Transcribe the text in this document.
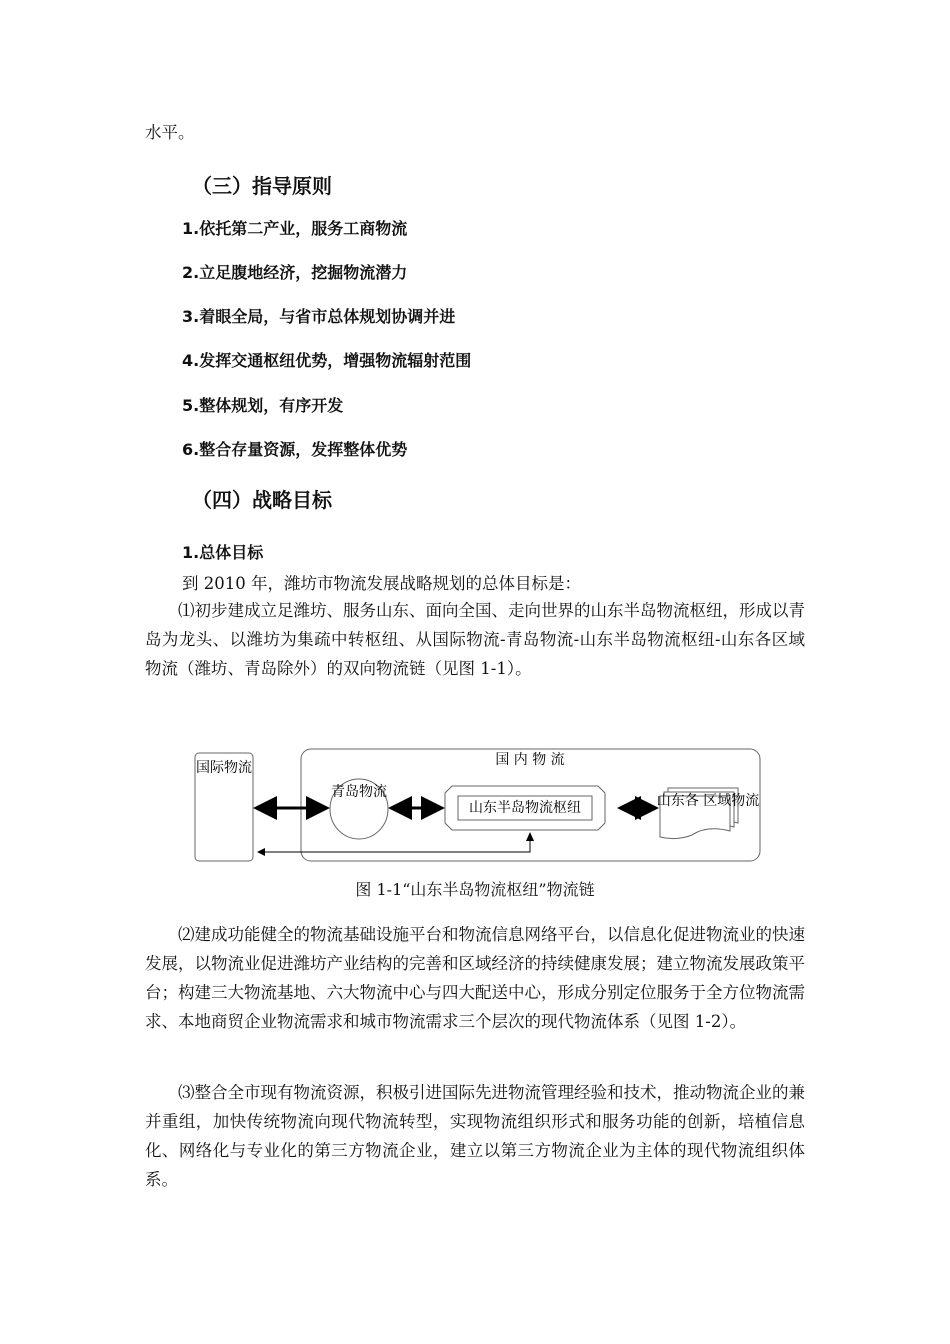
水平。

（三）指导原则

1.依托第二产业，服务工商物流

2.立足腹地经济，挖掘物流潜力

3.着眼全局，与省市总体规划协调并进

4.发挥交通枢纽优势，增强物流辐射范围

5.整体规划，有序开发

6.整合存量资源，发挥整体优势

（四）战略目标

1.总体目标

到 2010 年，潍坊市物流发展战略规划的总体目标是：

⑴初步建成立足潍坊、服务山东、面向全国、走向世界的山东半岛物流枢纽，形成以青岛为龙头、以潍坊为集疏中转枢纽、从国际物流-青岛物流-山东半岛物流枢纽-山东各区域物流（潍坊、青岛除外）的双向物流链（见图 1-1）。

国际物流	国 内 物 流
青岛物流
山东半岛物流枢纽	山东各 区域物流

图 1-1“山东半岛物流枢纽”物流链

⑵建成功能健全的物流基础设施平台和物流信息网络平台，以信息化促进物流业的快速发展，以物流业促进潍坊产业结构的完善和区域经济的持续健康发展；建立物流发展政策平台；构建三大物流基地、六大物流中心与四大配送中心，形成分别定位服务于全方位物流需求、本地商贸企业物流需求和城市物流需求三个层次的现代物流体系（见图 1-2）。

⑶整合全市现有物流资源，积极引进国际先进物流管理经验和技术，推动物流企业的兼并重组，加快传统物流向现代物流转型，实现物流组织形式和服务功能的创新，培植信息化、网络化与专业化的第三方物流企业，建立以第三方物流企业为主体的现代物流组织体系。
